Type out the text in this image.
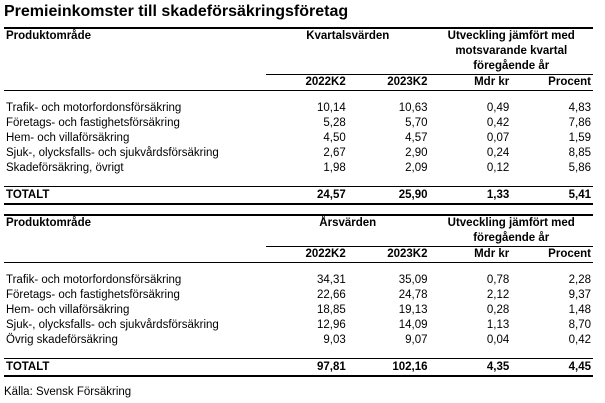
Premieinkomster till skadeförsäkringsföretag
Produktområde	Kvartalsvärden		Utveckling jämfört med
motsvarande kvartal
föregående år	

	2022K2	2023K2	Mdr kr	Procent

Trafik- och motorfordonsförsäkring	10,14	10,63	0,49	4,83
Företags- och fastighetsförsäkring	5,28	5,70	0,42	7,86
Hem- och villaförsäkring	4,50	4,57	0,07	1,59
Sjuk-, olycksfalls- och sjukvårdsförsäkring	2,67	2,90	0,24	8,85
Skadeförsäkring, övrigt	1,98	2,09	0,12	5,86

TOTALT	24,57	25,90	1,33	5,41
Produktområde	Årsvärden		Utveckling jämfört med
föregående år	

	2022K2	2023K2	Mdr kr	Procent

Trafik- och motorfordonsförsäkring	34,31	35,09	0,78	2,28
Företags- och fastighetsförsäkring	22,66	24,78	2,12	9,37
Hem- och villaförsäkring	18,85	19,13	0,28	1,48
Sjuk-, olycksfalls- och sjukvårdsförsäkring	12,96	14,09	1,13	8,70
Övrig skadeförsäkring	9,03	9,07	0,04	0,42

TOTALT	97,81	102,16	4,35	4,45
Källa: Svensk Försäkring
